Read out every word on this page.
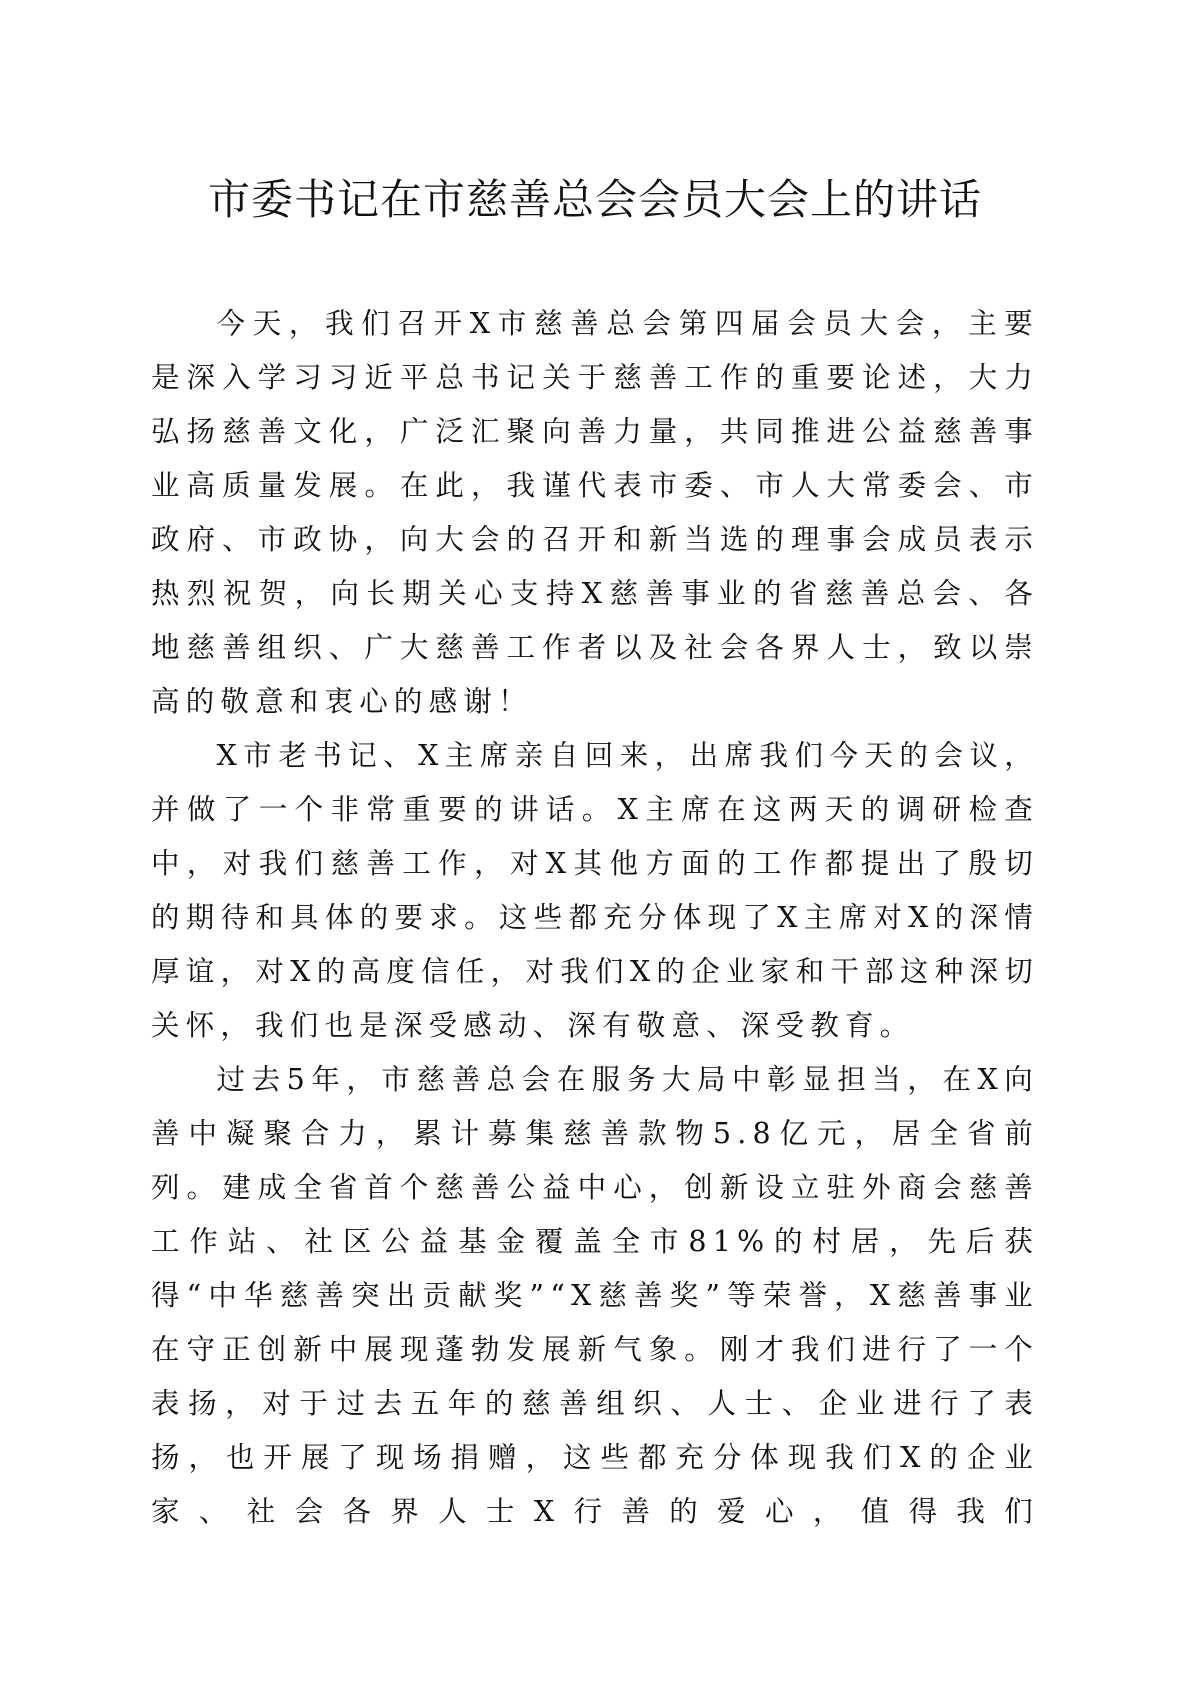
市委书记在市慈善总会会员大会上的讲话

今天，我们召开X市慈善总会第四届会员大会，主要是深入学习习近平总书记关于慈善工作的重要论述，大力弘扬慈善文化，广泛汇聚向善力量，共同推进公益慈善事业高质量发展。在此，我谨代表市委、市人大常委会、市政府、市政协，向大会的召开和新当选的理事会成员表示热烈祝贺，向长期关心支持X慈善事业的省慈善总会、各地慈善组织、广大慈善工作者以及社会各界人士，致以崇高的敬意和衷心的感谢！

X市老书记、X主席亲自回来，出席我们今天的会议，并做了一个非常重要的讲话。X主席在这两天的调研检查中，对我们慈善工作，对X其他方面的工作都提出了殷切的期待和具体的要求。这些都充分体现了X主席对X的深情厚谊，对X的高度信任，对我们X的企业家和干部这种深切关怀，我们也是深受感动、深有敬意、深受教育。

过去5年，市慈善总会在服务大局中彰显担当，在X向善中凝聚合力，累计募集慈善款物5.8亿元，居全省前列。建成全省首个慈善公益中心，创新设立驻外商会慈善工作站、社区公益基金覆盖全市81%的村居，先后获得“中华慈善突出贡献奖”“X慈善奖”等荣誉，X慈善事业在守正创新中展现蓬勃发展新气象。刚才我们进行了一个表扬，对于过去五年的慈善组织、人士、企业进行了表扬，也开展了现场捐赠，这些都充分体现我们X的企业家、社会各界人士X行善的爱心，值得我们
